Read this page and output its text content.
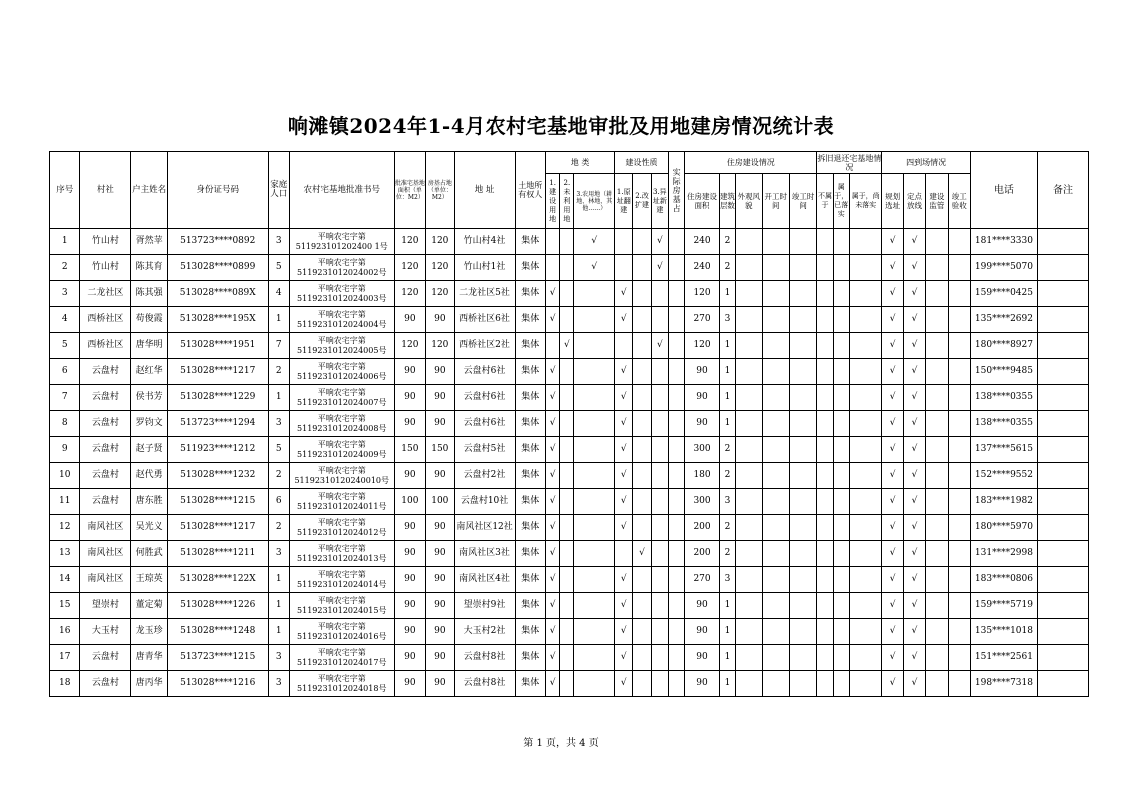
响滩镇2024年1-4月农村宅基地审批及用地建房情况统计表
序号	村社	户主姓名	身份证号码	家庭人口	农村宅基地批准书号	批准宅基地面积（单位：M2）	房基占地（单位：M2）	地 址	土地所有权人	地 类			建设性质			实际房基占	住房建设情况					拆旧退还宅基地情况			四到场情况				电话	备注
										1.建设用地	2.未利用地	3.农用地（耕地、林地、其他……）	1.原址翻建	2.改扩建	3.异址新建		住房建设面积	建筑层数	外观风貌	开工时间	竣工时间	不属于	属于，已落实	属于，尚未落实	规划选址	定点放线	建设监管	竣工验收		
1	竹山村	胥然苹	513723****0892	3	平响农宅字第511923101202400 1号	120	120	竹山村4社	集体			√			√		240	2							√	√			181****3330	
2	竹山村	陈其育	513028****0899	5	平响农宅字第5119231012024002号	120	120	竹山村1社	集体			√			√		240	2							√	√			199****5070	
3	二龙社区	陈其强	513028****089X	4	平响农宅字第5119231012024003号	120	120	二龙社区5社	集体	√			√				120	1							√	√			159****0425	
4	西桥社区	苟俊霞	513028****195X	1	平响农宅字第5119231012024004号	90	90	西桥社区6社	集体	√			√				270	3							√	√			135****2692	
5	西桥社区	唐华明	513028****1951	7	平响农宅字第5119231012024005号	120	120	西桥社区2社	集体		√				√		120	1							√	√			180****8927	
6	云盘村	赵红华	513028****1217	2	平响农宅字第5119231012024006号	90	90	云盘村6社	集体	√			√				90	1							√	√			150****9485	
7	云盘村	侯书芳	513028****1229	1	平响农宅字第5119231012024007号	90	90	云盘村6社	集体	√			√				90	1							√	√			138****0355	
8	云盘村	罗钧文	513723****1294	3	平响农宅字第5119231012024008号	90	90	云盘村6社	集体	√			√				90	1							√	√			138****0355	
9	云盘村	赵子贤	511923****1212	5	平响农宅字第5119231012024009号	150	150	云盘村5社	集体	√			√				300	2							√	√			137****5615	
10	云盘村	赵代勇	513028****1232	2	平响农宅字第51192310120240010号	90	90	云盘村2社	集体	√			√				180	2							√	√			152****9552	
11	云盘村	唐东胜	513028****1215	6	平响农宅字第5119231012024011号	100	100	云盘村10社	集体	√			√				300	3							√	√			183****1982	
12	南风社区	吴光义	513028****1217	2	平响农宅字第5119231012024012号	90	90	南风社区12社	集体	√			√				200	2							√	√			180****5970	
13	南风社区	何胜武	513028****1211	3	平响农宅字第5119231012024013号	90	90	南风社区3社	集体	√				√			200	2							√	√			131****2998	
14	南风社区	王琼英	513028****122X	1	平响农宅字第5119231012024014号	90	90	南风社区4社	集体	√			√				270	3							√	√			183****0806	
15	望崇村	董定菊	513028****1226	1	平响农宅字第5119231012024015号	90	90	望崇村9社	集体	√			√				90	1							√	√			159****5719	
16	大玉村	龙玉珍	513028****1248	1	平响农宅字第5119231012024016号	90	90	大玉村2社	集体	√			√				90	1							√	√			135****1018	
17	云盘村	唐青华	513723****1215	3	平响农宅字第5119231012024017号	90	90	云盘村8社	集体	√			√				90	1							√	√			151****2561	
18	云盘村	唐丙华	513028****1216	3	平响农宅字第5119231012024018号	90	90	云盘村8社	集体	√			√				90	1							√	√			198****7318	
第 1 页，共 4 页
